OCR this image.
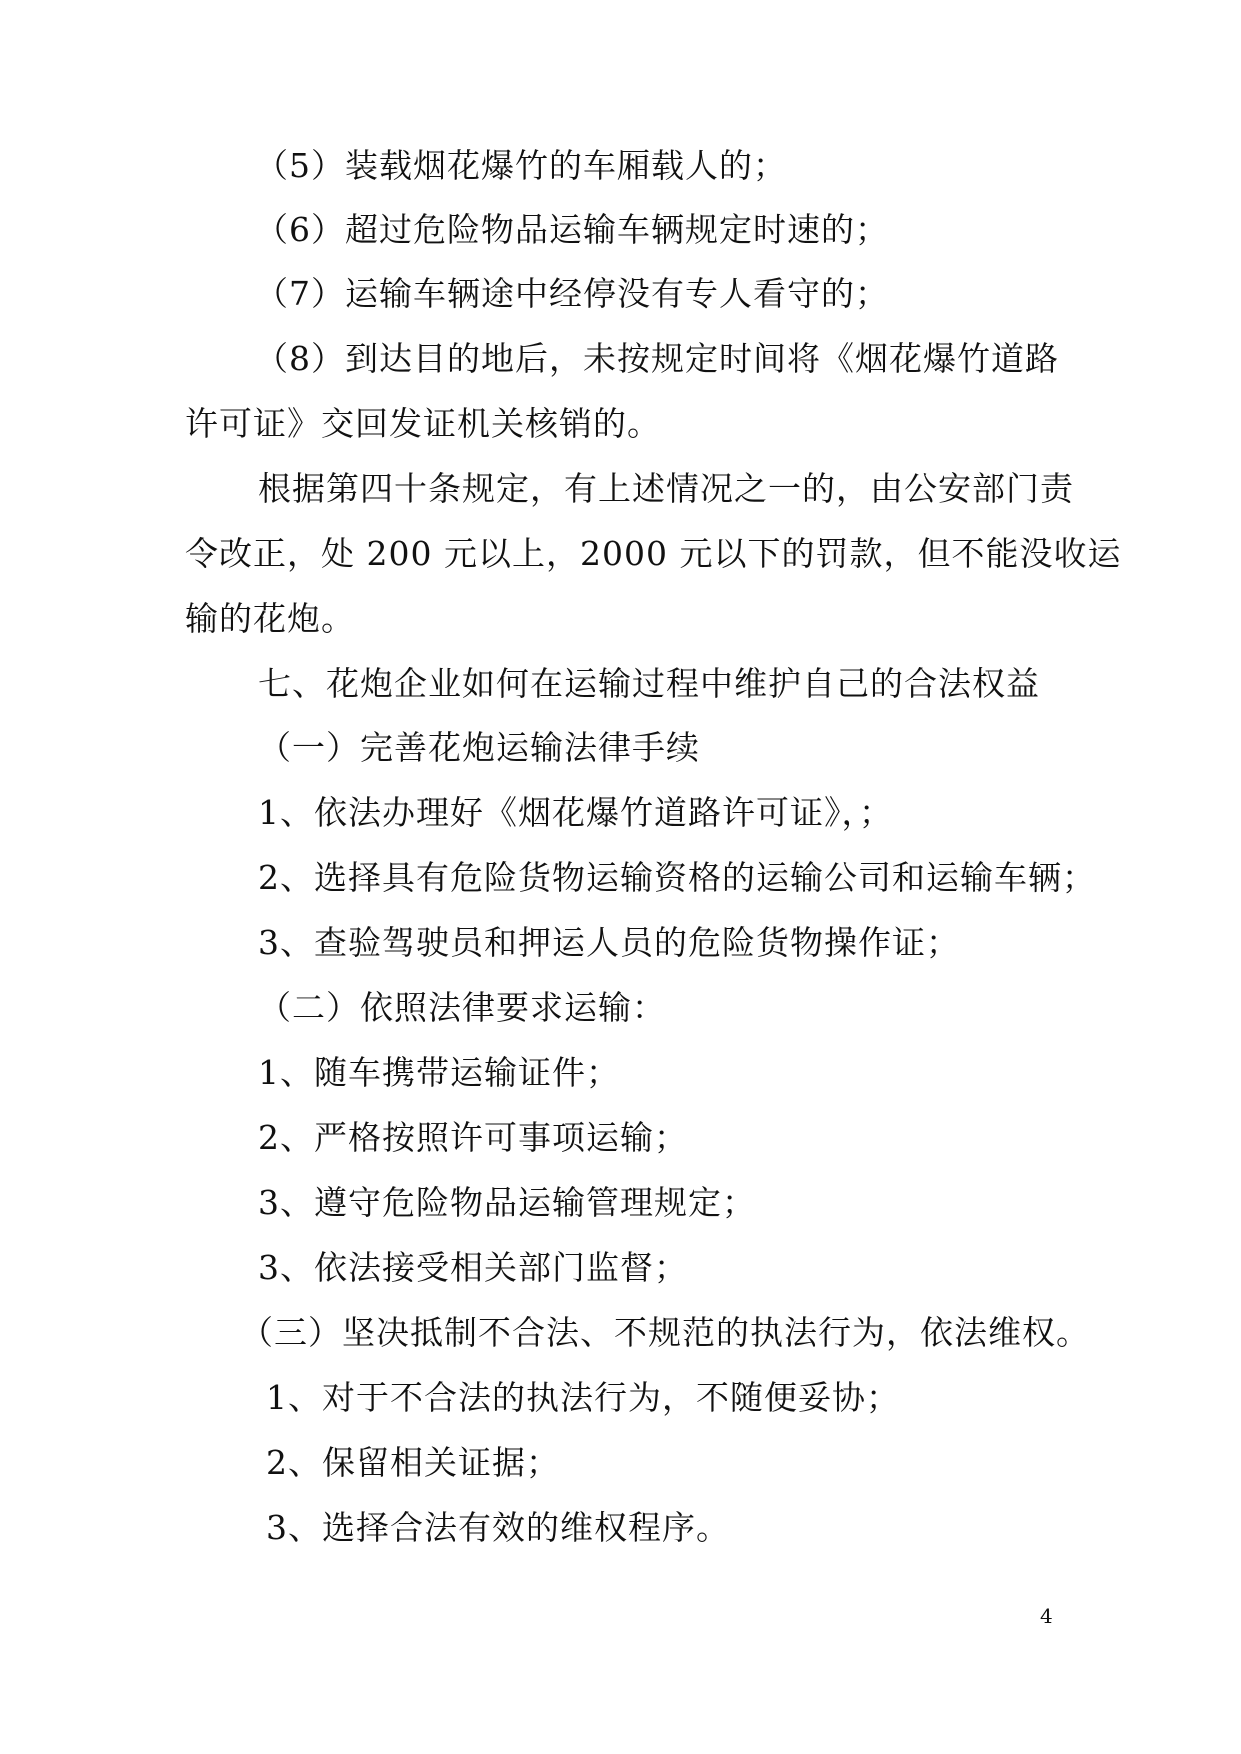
（5）装载烟花爆竹的车厢载人的；
（6）超过危险物品运输车辆规定时速的；
（7）运输车辆途中经停没有专人看守的；
（8）到达目的地后，未按规定时间将《烟花爆竹道路
许可证》交回发证机关核销的。
根据第四十条规定，有上述情况之一的，由公安部门责
令改正，处 200 元以上，2000 元以下的罚款，但不能没收运
输的花炮。
七、花炮企业如何在运输过程中维护自己的合法权益
（一）完善花炮运输法律手续
1、依法办理好《烟花爆竹道路许可证》，；
2、选择具有危险货物运输资格的运输公司和运输车辆；
3、查验驾驶员和押运人员的危险货物操作证；
（二）依照法律要求运输：
1、随车携带运输证件；
2、严格按照许可事项运输；
3、遵守危险物品运输管理规定；
3、依法接受相关部门监督；
（三）坚决抵制不合法、不规范的执法行为，依法维权。
1、对于不合法的执法行为，不随便妥协；
2、保留相关证据；
3、选择合法有效的维权程序。
4
